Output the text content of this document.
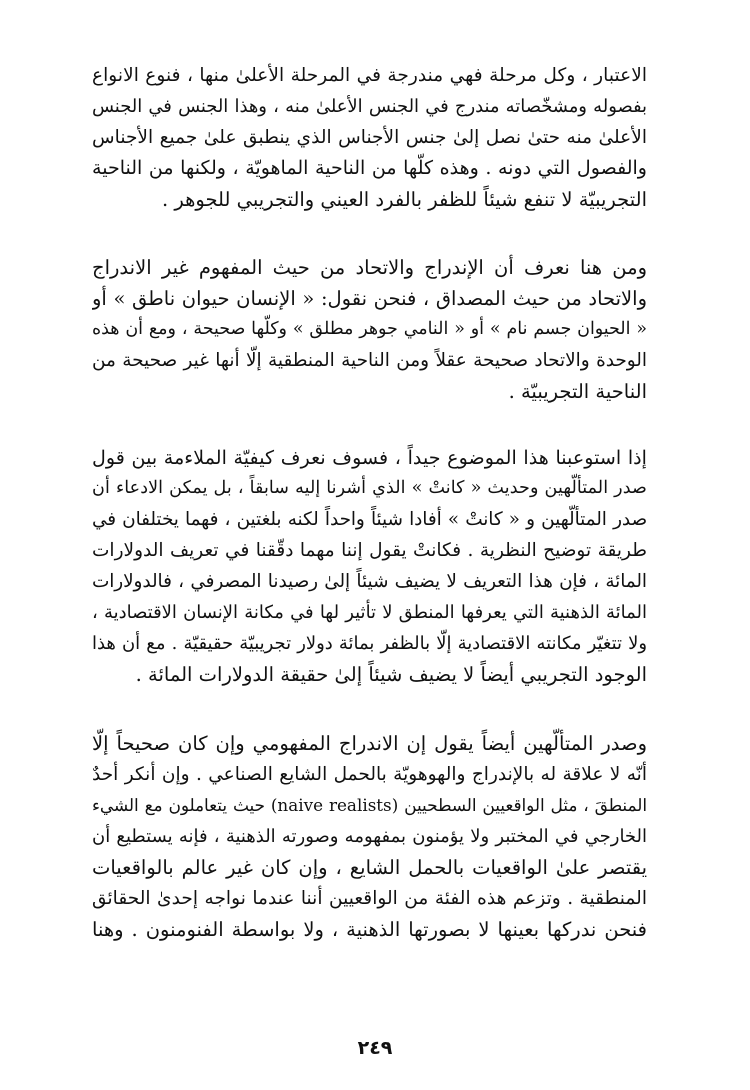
الاعتبار ، وكل مرحلة فهي مندرجة في المرحلة الأعلىٰ منها ، فنوع الانواع
بفصوله ومشخّصاته مندرج في الجنس الأعلىٰ منه ، وهذا الجنس في الجنس
الأعلىٰ منه حتىٰ نصل إلىٰ جنس الأجناس الذي ينطبق علىٰ جميع الأجناس
والفصول التي دونه . وهذه كلّها من الناحية الماهويّة ، ولكنها من الناحية
التجريبيّة لا تنفع شيئاً للظفر بالفرد العيني والتجريبي للجوهر .
ومن هنا نعرف أن الإندراج والاتحاد من حيث المفهوم غير الاندراج
والاتحاد من حيث المصداق ، فنحن نقول: « الإنسان حيوان ناطق » أو
« الحيوان جسم نام » أو « النامي جوهر مطلق » وكلّها صحيحة ، ومع أن هذه
الوحدة والاتحاد صحيحة عقلاً ومن الناحية المنطقية إلّا أنها غير صحيحة من
الناحية التجريبيّة .
إذا استوعبنا هذا الموضوع جيداً ، فسوف نعرف كيفيّة الملاءمة بين قول
صدر المتألّهين وحديث « كانتْ » الذي أشرنا إليه سابقاً ، بل يمكن الادعاء أن
صدر المتألّهين و « كانتْ » أفادا شيئاً واحداً لكنه بلغتين ، فهما يختلفان في
طريقة توضيح النظرية . فكانتْ يقول إننا مهما دقّقنا في تعريف الدولارات
المائة ، فإن هذا التعريف لا يضيف شيئاً إلىٰ رصيدنا المصرفي ، فالدولارات
المائة الذهنية التي يعرفها المنطق لا تأثير لها في مكانة الإنسان الاقتصادية ،
ولا تتغيّر مكانته الاقتصادية إلّا بالظفر بمائة دولار تجريبيّة حقيقيّة . مع أن هذا
الوجود التجريبي أيضاً لا يضيف شيئاً إلىٰ حقيقة الدولارات المائة .
وصدر المتألّهين أيضاً يقول إن الاندراج المفهومي وإن كان صحيحاً إلّا
أنّه لا علاقة له بالإندراج والهوهويّة بالحمل الشايع الصناعي . وإن أنكر أحدٌ
المنطقَ ، مثل الواقعيين السطحيين (naive realists) حيث يتعاملون مع الشيء
الخارجي في المختبر ولا يؤمنون بمفهومه وصورته الذهنية ، فإنه يستطيع أن
يقتصر علىٰ الواقعيات بالحمل الشايع ، وإن كان غير عالم بالواقعيات
المنطقية . وتزعم هذه الفئة من الواقعيين أننا عندما نواجه إحدىٰ الحقائق
فنحن ندركها بعينها لا بصورتها الذهنية ، ولا بواسطة الفنومنون . وهنا
٢٤٩
